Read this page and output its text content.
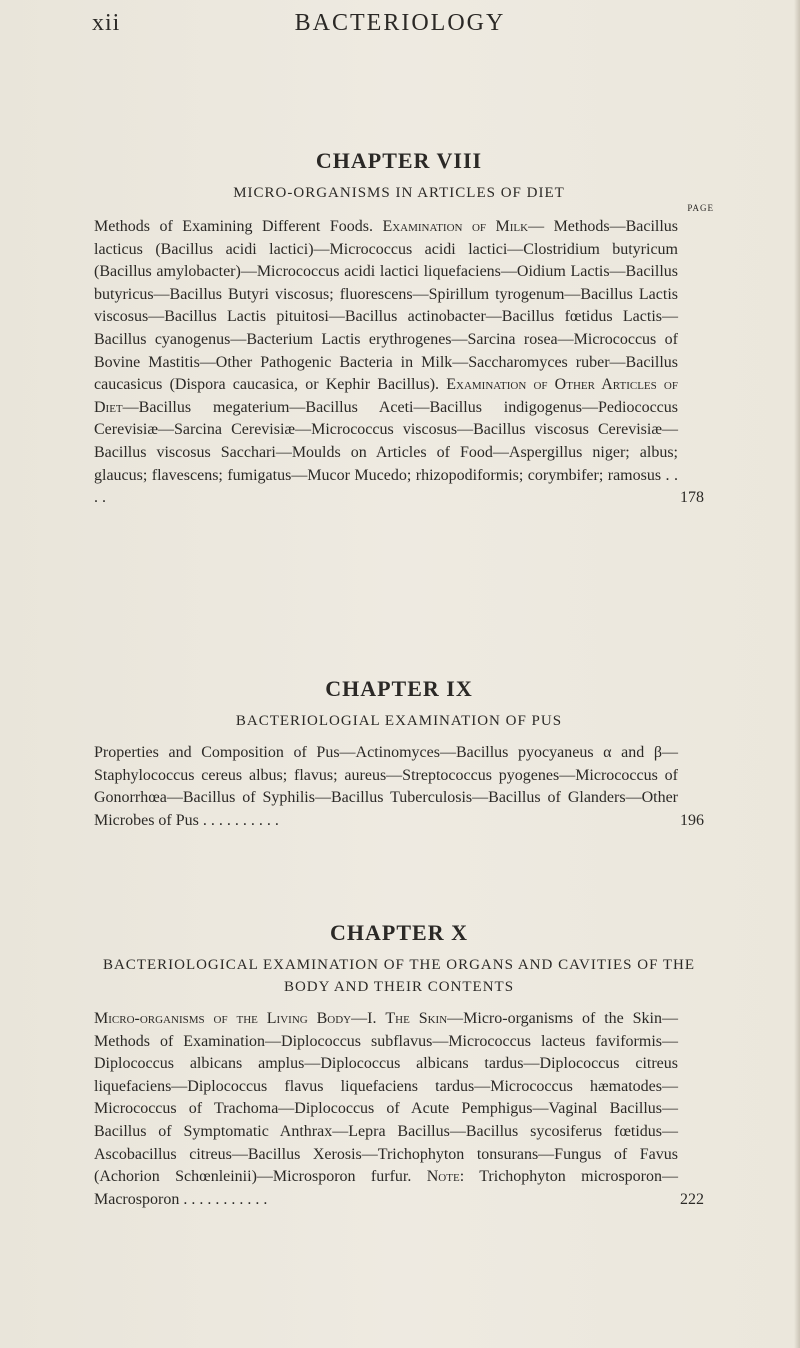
xii	BACTERIOLOGY
CHAPTER VIII
MICRO-ORGANISMS IN ARTICLES OF DIET
PAGE

Methods of Examining Different Foods. Examination of Milk— Methods—Bacillus lacticus (Bacillus acidi lactici)—Micrococcus acidi lactici—Clostridium butyricum (Bacillus amylobacter)—Micrococcus acidi lactici liquefaciens—Oidium Lactis—Bacillus butyricus—Bacillus Butyri viscosus; fluorescens—Spirillum tyrogenum—Bacillus Lactis viscosus—Bacillus Lactis pituitosi—Bacillus actinobacter—Bacillus fœtidus Lactis—Bacillus cyanogenus—Bacterium Lactis erythrogenes—Sarcina rosea—Micrococcus of Bovine Mastitis—Other Pathogenic Bacteria in Milk—Saccharomyces ruber—Bacillus caucasicus (Dispora caucasica, or Kephir Bacillus). Examination of Other Articles of Diet—Bacillus megaterium—Bacillus Aceti—Bacillus indigogenus—Pediococcus Cerevisiæ—Sarcina Cerevisiæ—Micrococcus viscosus—Bacillus viscosus Cerevisiæ—Bacillus viscosus Sacchari—Moulds on Articles of Food—Aspergillus niger; albus; glaucus; flavescens; fumigatus—Mucor Mucedo; rhizopodiformis; corymbifer; ramosus . . . .	178

CHAPTER IX
BACTERIOLOGIAL EXAMINATION OF PUS

Properties and Composition of Pus—Actinomyces—Bacillus pyocyaneus α and β—Staphylococcus cereus albus; flavus; aureus—Streptococcus pyogenes—Micrococcus of Gonorrhœa—Bacillus of Syphilis—Bacillus Tuberculosis—Bacillus of Glanders—Other Microbes of Pus . . . . . . . . . .	196

CHAPTER X
BACTERIOLOGICAL EXAMINATION OF THE ORGANS AND CAVITIES OF THE BODY AND THEIR CONTENTS

Micro-organisms of the Living Body—I. The Skin—Micro-organisms of the Skin—Methods of Examination—Diplococcus subflavus—Micrococcus lacteus faviformis—Diplococcus albicans amplus—Diplococcus albicans tardus—Diplococcus citreus liquefaciens—Diplococcus flavus liquefaciens tardus—Micrococcus hæmatodes—Micrococcus of Trachoma—Diplococcus of Acute Pemphigus—Vaginal Bacillus—Bacillus of Symptomatic Anthrax—Lepra Bacillus—Bacillus sycosiferus fœtidus—Ascobacillus citreus—Bacillus Xerosis—Trichophyton tonsurans—Fungus of Favus (Achorion Schœnleinii)—Microsporon furfur. Note: Trichophyton microsporon—Macrosporon . . . . . . . . . . .	222
